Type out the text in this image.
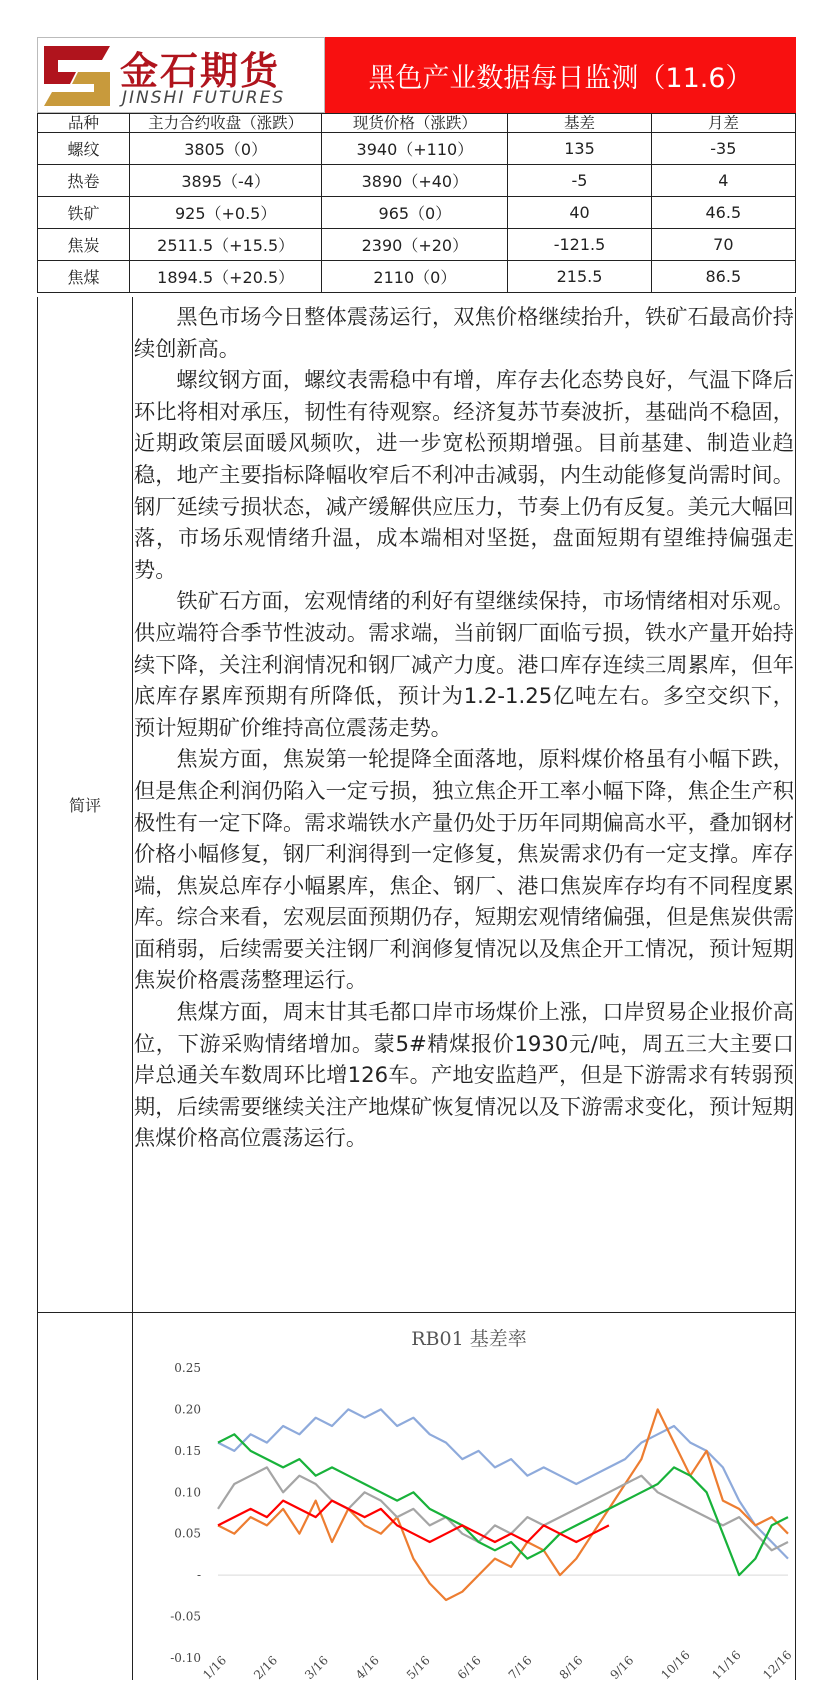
金石期货
JINSHI FUTURES
黑色产业数据每日监测（11.6）
品种	主力合约收盘（涨跌）	现货价格（涨跌）	基差	月差
螺纹	3805（0）	3940（+110）	135	-35
热卷	3895（-4）	3890（+40）	-5	4
铁矿	925（+0.5）	965（0）	40	46.5
焦炭	2511.5（+15.5）	2390（+20）	-121.5	70
焦煤	1894.5（+20.5）	2110（0）	215.5	86.5
简评

黑色市场今日整体震荡运行，双焦价格继续抬升，铁矿石最高价持续创新高。

螺纹钢方面，螺纹表需稳中有增，库存去化态势良好，气温下降后环比将相对承压，韧性有待观察。经济复苏节奏波折，基础尚不稳固，近期政策层面暖风频吹，进一步宽松预期增强。目前基建、制造业趋稳，地产主要指标降幅收窄后不利冲击减弱，内生动能修复尚需时间。钢厂延续亏损状态，减产缓解供应压力，节奏上仍有反复。美元大幅回落，市场乐观情绪升温，成本端相对坚挺，盘面短期有望维持偏强走势。

铁矿石方面，宏观情绪的利好有望继续保持，市场情绪相对乐观。供应端符合季节性波动。需求端，当前钢厂面临亏损，铁水产量开始持续下降，关注利润情况和钢厂减产力度。港口库存连续三周累库，但年底库存累库预期有所降低，预计为1.2-1.25亿吨左右。多空交织下，预计短期矿价维持高位震荡走势。

焦炭方面，焦炭第一轮提降全面落地，原料煤价格虽有小幅下跌，但是焦企利润仍陷入一定亏损，独立焦企开工率小幅下降，焦企生产积极性有一定下降。需求端铁水产量仍处于历年同期偏高水平，叠加钢材价格小幅修复，钢厂利润得到一定修复，焦炭需求仍有一定支撑。库存端，焦炭总库存小幅累库，焦企、钢厂、港口焦炭库存均有不同程度累库。综合来看，宏观层面预期仍存，短期宏观情绪偏强，但是焦炭供需面稍弱，后续需要关注钢厂利润修复情况以及焦企开工情况，预计短期焦炭价格震荡整理运行。

焦煤方面，周末甘其毛都口岸市场煤价上涨，口岸贸易企业报价高位，下游采购情绪增加。蒙5#精煤报价1930元/吨，周五三大主要口岸总通关车数周环比增126车。产地安监趋严，但是下游需求有转弱预期，后续需要继续关注产地煤矿恢复情况以及下游需求变化，预计短期焦煤价格高位震荡运行。

RB01 基差率
0.25
0.20
0.15
0.10
0.05
-
-0.05
-0.10 1/16 2/16 3/16 4/16 5/16 6/16 7/16 8/16 9/16 10/16 11/16 12/16
